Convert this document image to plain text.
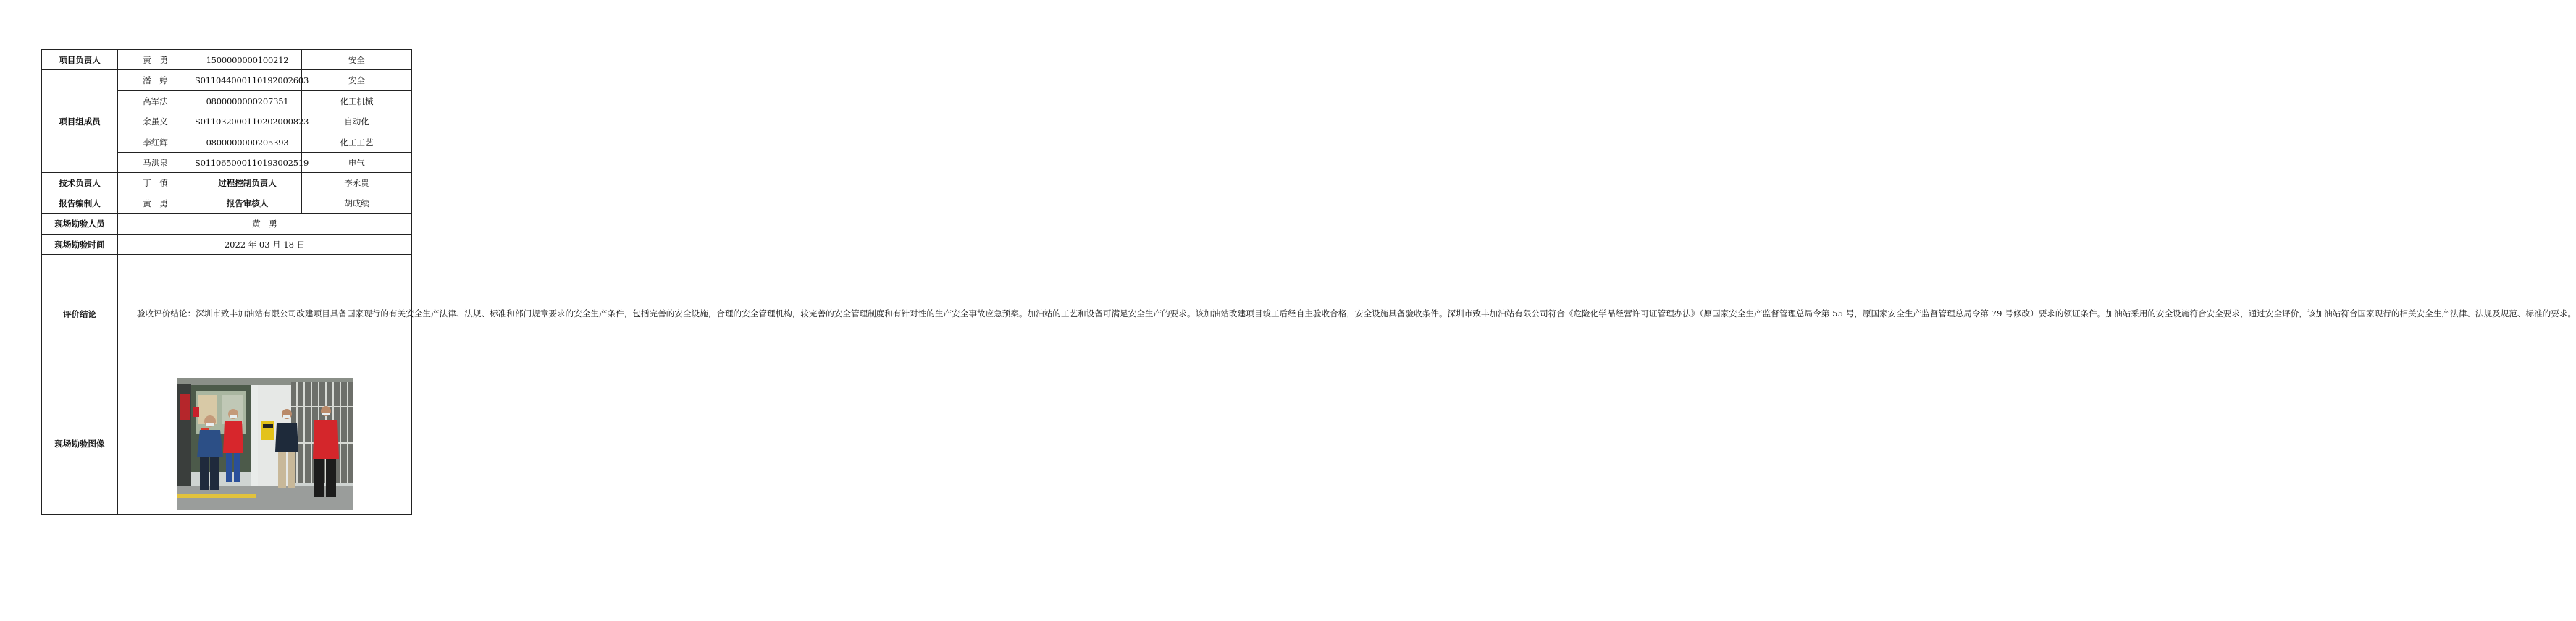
项目负责人	黄　勇	1500000000100212	安全
项目组成员	潘　婷	S011044000110192002603	安全
	高军法	0800000000207351	化工机械
	余虽义	S011032000110202000823	自动化
	李红辉	0800000000205393	化工工艺
	马洪泉	S011065000110193002519	电气
技术负责人	丁　慎	过程控制负责人	李永贵
报告编制人	黄　勇	报告审核人	胡成续
现场勘验人员	黄　勇		
现场勘验时间	2022 年 03 月 18 日		
评价结论	验收评价结论：深圳市致丰加油站有限公司改建项目具备国家现行的有关安全生产法律、法规、标准和部门规章要求的安全生产条件，包括完善的安全设施，合理的安全管理机构，较完善的安全管理制度和有针对性的生产安全事故应急预案。加油站的工艺和设备可满足安全生产的要求。该加油站改建项目竣工后经自主验收合格，安全设施具备验收条件。深圳市致丰加油站有限公司符合《危险化学品经营许可证管理办法》（原国家安全生产监督管理总局令第 55 号，原国家安全生产监督管理总局令第 79 号修改）要求的领证条件。加油站采用的安全设施符合安全要求，通过安全评价，该加油站符合国家现行的相关安全生产法律、法规及规范、标准的要求。		
现场勘验图像	
